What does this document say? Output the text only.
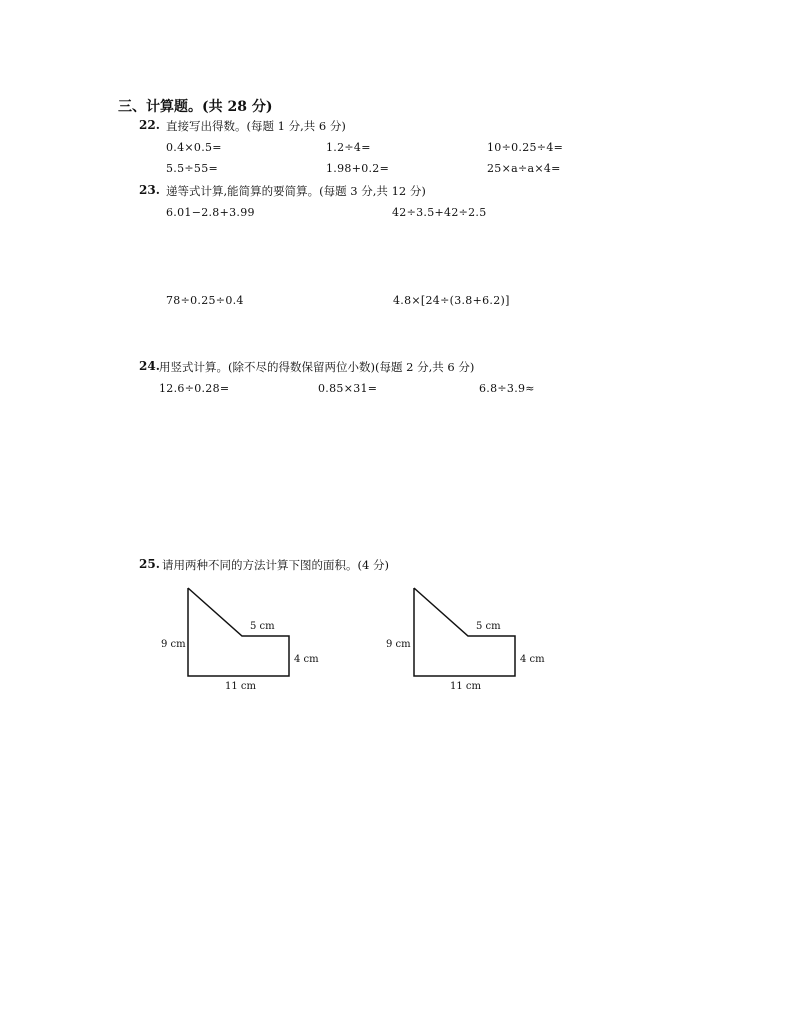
三、计算题。(共 28 分)
22. 直接写出得数。(每题 1 分,共 6 分)
0.4×0.5=	1.2÷4=	10÷0.25÷4=
5.5÷55=	1.98+0.2=	25×a÷a×4=
23. 递等式计算,能简算的要简算。(每题 3 分,共 12 分)
6.01−2.8+3.99	42÷3.5+42÷2.5
78÷0.25÷0.4	4.8×[24÷(3.8+6.2)]
24. 用竖式计算。(除不尽的得数保留两位小数)(每题 2 分,共 6 分)
12.6÷0.28=	0.85×31=	6.8÷3.9≈
25. 请用两种不同的方法计算下图的面积。(4 分)
9 cm
5 cm
4 cm
11 cm
9 cm
5 cm
4 cm
11 cm
